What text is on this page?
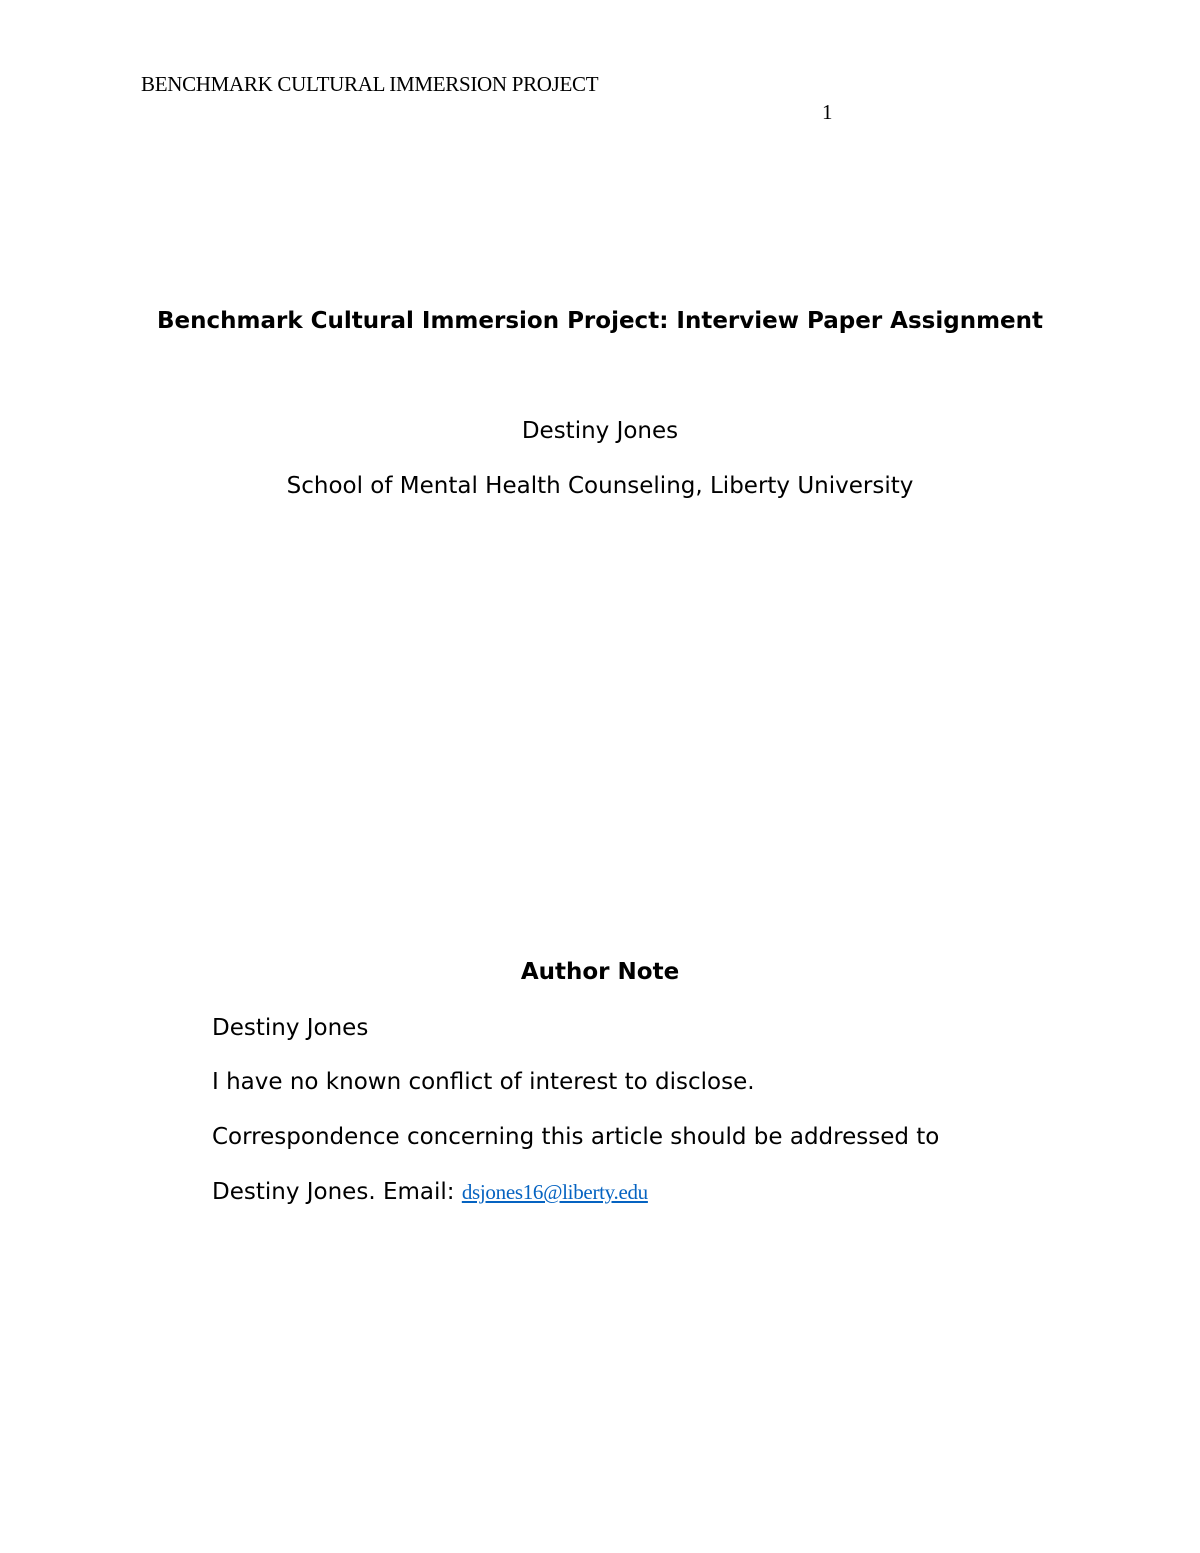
BENCHMARK CULTURAL IMMERSION PROJECT
1
Benchmark Cultural Immersion Project: Interview Paper Assignment
Destiny Jones
School of Mental Health Counseling, Liberty University
Author Note
Destiny Jones
I have no known conflict of interest to disclose.
Correspondence concerning this article should be addressed to
Destiny Jones. Email: dsjones16@liberty.edu
